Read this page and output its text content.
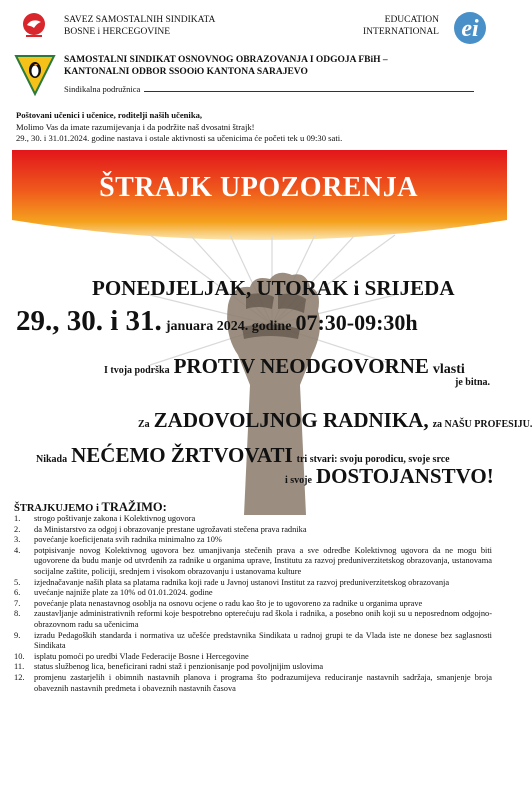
SAVEZ SAMOSTALNIH SINDIKATA
BOSNE i HERCEGOVINE
EDUCATION
INTERNATIONAL ei
SAMOSTALNI SINDIKAT OSNOVNOG OBRAZOVANJA I ODGOJA FBiH –
KANTONALNI ODBOR SSOOiO KANTONA SARAJEVO
Sindikalna podružnica
Poštovani učenici i učenice, roditelji naših učenika,
Molimo Vas da imate razumijevanja i da podržite naš dvosatni štrajk!
29., 30. i 31.01.2024. godine nastava i ostale aktivnosti sa učenicima će početi tek u 09:30 sati.
ŠTRAJK UPOZORENJA
PONEDJELJAK, UTORAK i SRIJEDA
29., 30. i 31. januara 2024. godine 07:30-09:30h
I tvoja podrška PROTIV NEODGOVORNE vlasti
je bitna.
Za ZADOVOLJNOG RADNIKA, za NAŠU PROFESIJU.
Nikada NEĆEMO ŽRTVOVATI tri stvari: svoju porodicu, svoje srce
i svoje DOSTOJANSTVO!
ŠTRAJKUJEMO i TRAŽIMO:
1.	strogo poštivanje zakona i Kolektivnog ugovora
2.	da Ministarstvo za odgoj i obrazovanje prestane ugrožavati stečena prava radnika
3.	povećanje koeficijenata svih radnika minimalno za 10%
4.	potpisivanje novog Kolektivnog ugovora bez umanjivanja stečenih prava a sve odredbe Kolektivnog ugovora da ne mogu biti ugovorene da budu manje od utvrđenih za radnike u organima uprave, Institutu za razvoj preduniverzitetskog obrazovanja, ustanovama socijalne zaštite, policiji, srednjem i visokom obrazovanju i ustanovama kulture
5.	izjednačavanje naših plata sa platama radnika koji rade u Javnoj ustanovi Institut za razvoj preduniverzitetskog obrazovanja
6.	uvećanje najniže plate za 10% od 01.01.2024. godine
7.	povećanje plata nenastavnog osoblja na osnovu ocjene o radu kao što je to ugovoreno za radnike u organima uprave
8.	zaustavljanje administrativnih reformi koje bespotrebno opterećuju rad škola i radnika, a posebno onih koji su u neposrednom odgojno-obrazovnom radu sa učenicima
9.	izradu Pedagoških standarda i normativa uz učešće predstavnika Sindikata u radnoj grupi te da Vlada iste ne donese bez saglasnosti Sindikata
10.	isplatu pomoći po uredbi Vlade Federacije Bosne i Hercegovine
11.	status službenog lica, beneficirani radni staž i penzionisanje pod povoljnijim uslovima
12.	promjenu zastarjelih i obimnih nastavnih planova i programa što podrazumijeva reduciranje nastavnih sadržaja, smanjenje broja obaveznih nastavnih predmeta i obaveznih nastavnih časova
